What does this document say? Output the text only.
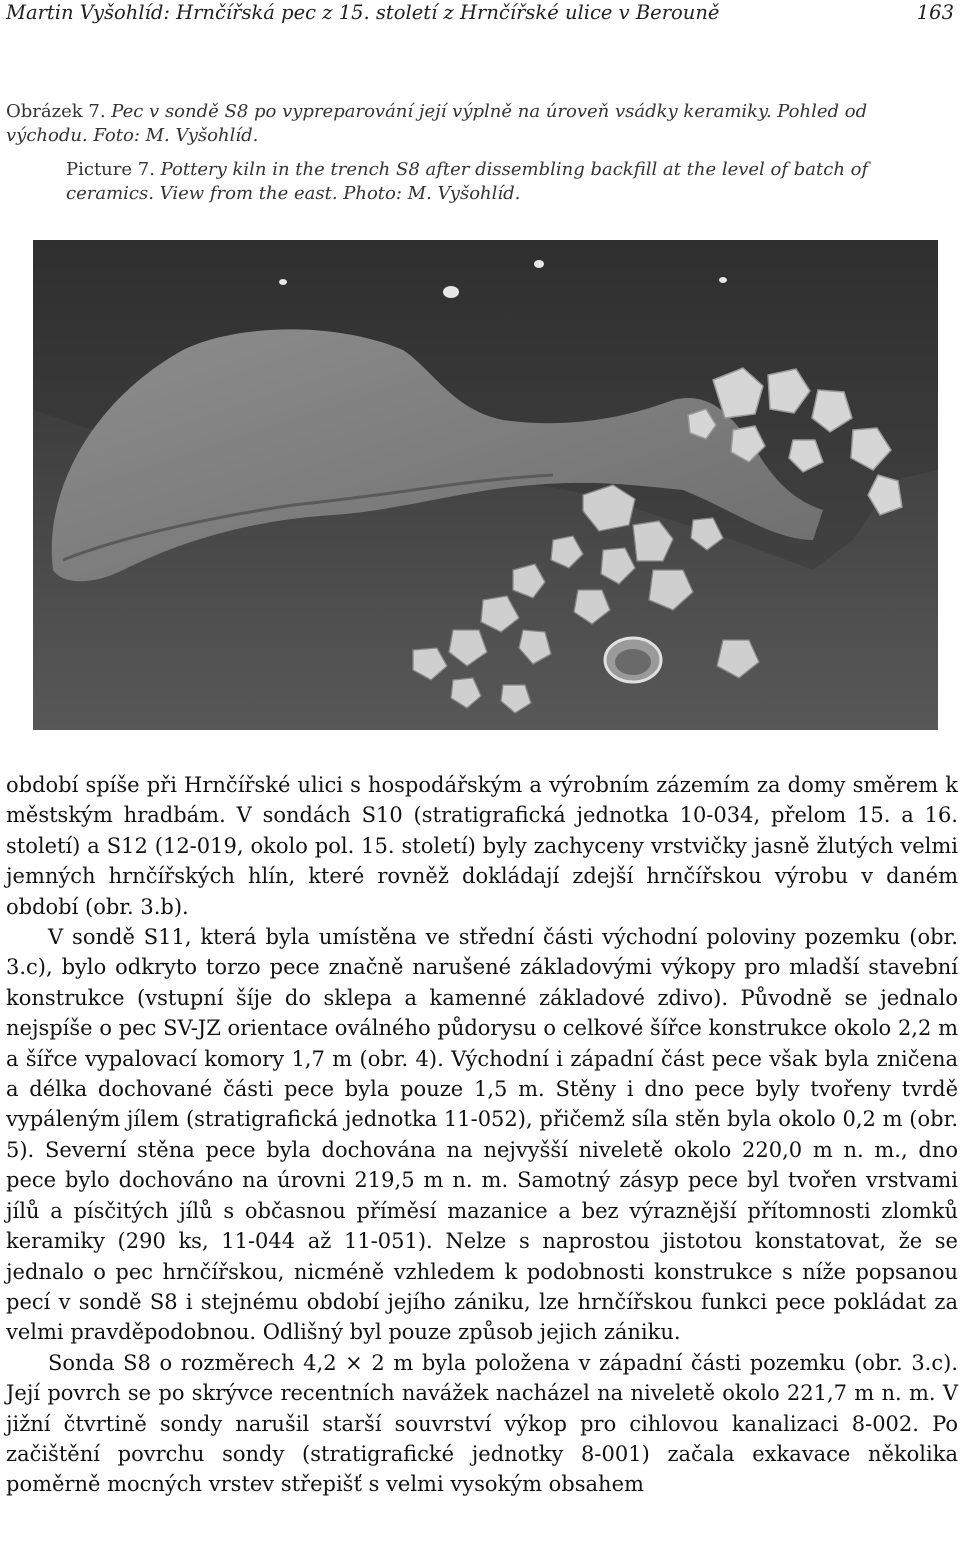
Martin Vyšohlíd: Hrnčířská pec z 15. století z Hrnčířské ulice v Berouně	163
Obrázek 7. Pec v sondě S8 po vypreparování její výplně na úroveň vsádky keramiky. Pohled od východu. Foto: M. Vyšohlíd.
Picture 7. Pottery kiln in the trench S8 after dissembling backfill at the level of batch of ceramics. View from the east. Photo: M. Vyšohlíd.

období spíše při Hrnčířské ulici s hospodářským a výrobním zázemím za domy směrem k městským hradbám. V sondách S10 (stratigrafická jednotka 10-034, přelom 15. a 16. století) a S12 (12-019, okolo pol. 15. století) byly zachyceny vrstvičky jasně žlutých velmi jemných hrnčířských hlín, které rovněž dokládají zdejší hrnčířskou výrobu v daném období (obr. 3.b).

V sondě S11, která byla umístěna ve střední části východní poloviny pozemku (obr. 3.c), bylo odkryto torzo pece značně narušené základovými výkopy pro mladší stavební konstrukce (vstupní šíje do sklepa a kamenné základové zdivo). Původně se jednalo nejspíše o pec SV-JZ orientace oválného půdorysu o celkové šířce konstrukce okolo 2,2 m a šířce vypalovací komory 1,7 m (obr. 4). Východní i západní část pece však byla zničena a délka dochované části pece byla pouze 1,5 m. Stěny i dno pece byly tvořeny tvrdě vypáleným jílem (stratigrafická jednotka 11-052), přičemž síla stěn byla okolo 0,2 m (obr. 5). Severní stěna pece byla dochována na nejvyšší niveletě okolo 220,0 m n. m., dno pece bylo dochováno na úrovni 219,5 m n. m. Samotný zásyp pece byl tvořen vrstvami jílů a písčitých jílů s občasnou příměsí mazanice a bez výraznější přítomnosti zlomků keramiky (290 ks, 11-044 až 11-051). Nelze s naprostou jistotou konstatovat, že se jednalo o pec hrnčířskou, nicméně vzhledem k podobnosti konstrukce s níže popsanou pecí v sondě S8 i stejnému období jejího zániku, lze hrnčířskou funkci pece pokládat za velmi pravděpodobnou. Odlišný byl pouze způsob jejich zániku.

Sonda S8 o rozměrech 4,2 × 2 m byla položena v západní části pozemku (obr. 3.c). Její povrch se po skrývce recentních navážek nacházel na niveletě okolo 221,7 m n. m. V jižní čtvrtině sondy narušil starší souvrství výkop pro cihlovou kanalizaci 8-002. Po začištění povrchu sondy (stratigrafické jednotky 8-001) začala exkavace několika poměrně mocných vrstev střepišť s velmi vysokým obsahem
